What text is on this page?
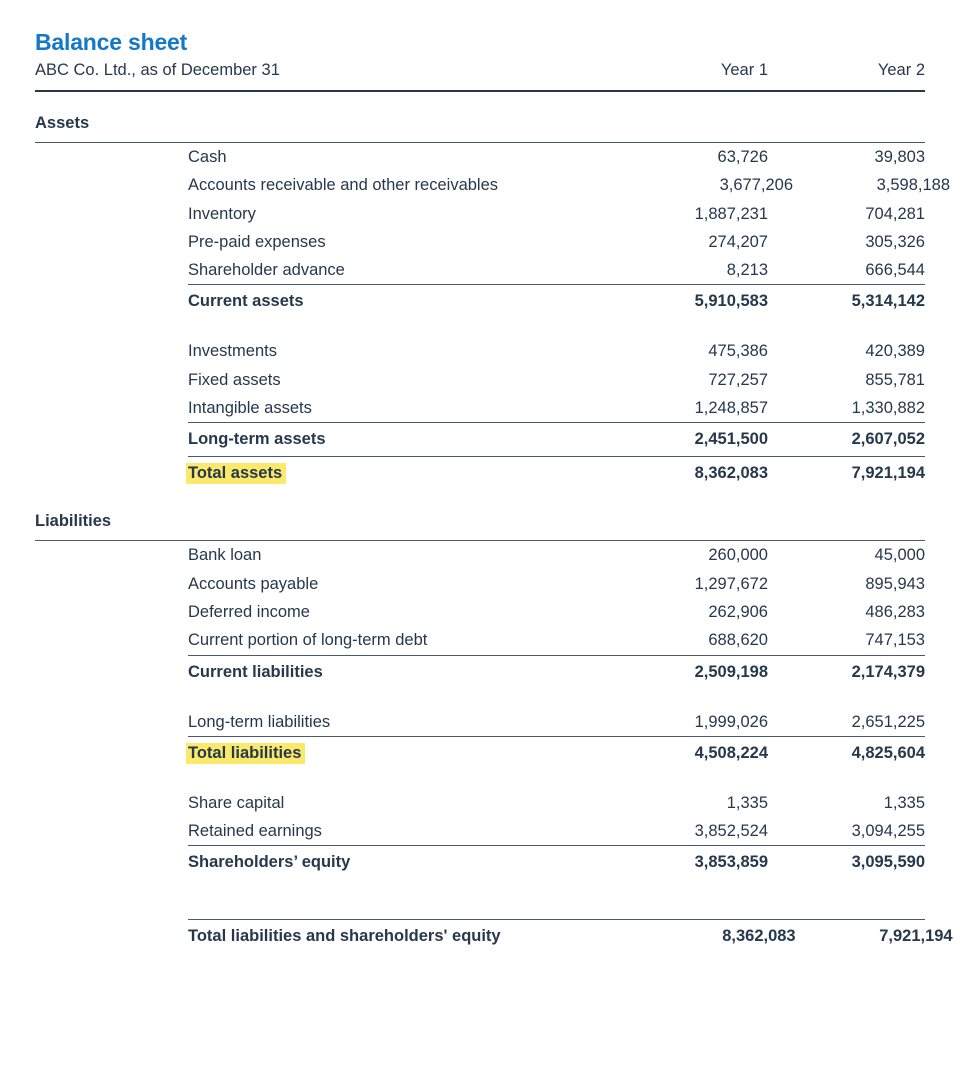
Balance sheet
ABC Co. Ltd., as of December 31	Year 1	Year 2
Assets
Cash	63,726	39,803
Accounts receivable and other receivables	3,677,206	3,598,188
Inventory	1,887,231	704,281
Pre-paid expenses	274,207	305,326
Shareholder advance	8,213	666,544
Current assets	5,910,583	5,314,142
Investments	475,386	420,389
Fixed assets	727,257	855,781
Intangible assets	1,248,857	1,330,882
Long-term assets	2,451,500	2,607,052
Total assets	8,362,083	7,921,194
Liabilities
Bank loan	260,000	45,000
Accounts payable	1,297,672	895,943
Deferred income	262,906	486,283
Current portion of long-term debt	688,620	747,153
Current liabilities	2,509,198	2,174,379
Long-term liabilities	1,999,026	2,651,225
Total liabilities	4,508,224	4,825,604
Share capital	1,335	1,335
Retained earnings	3,852,524	3,094,255
Shareholders’ equity	3,853,859	3,095,590
Total liabilities and shareholders' equity	8,362,083	7,921,194
